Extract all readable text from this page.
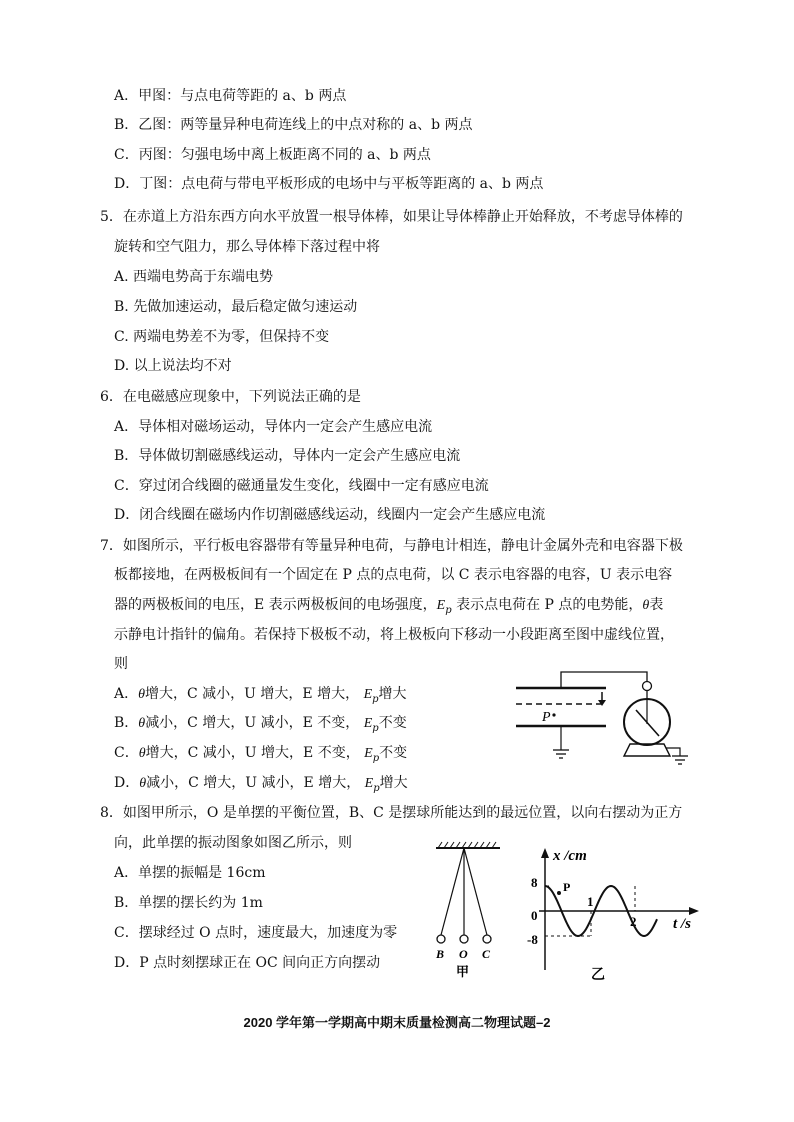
A．甲图：与点电荷等距的 a、b 两点
B．乙图：两等量异种电荷连线上的中点对称的 a、b 两点
C．丙图：匀强电场中离上板距离不同的 a、b 两点
D．丁图：点电荷与带电平板形成的电场中与平板等距离的 a、b 两点
5．在赤道上方沿东西方向水平放置一根导体棒，如果让导体棒静止开始释放，不考虑导体棒的
旋转和空气阻力，那么导体棒下落过程中将
A. 西端电势高于东端电势
B. 先做加速运动，最后稳定做匀速运动
C. 两端电势差不为零，但保持不变
D. 以上说法均不对
6．在电磁感应现象中，下列说法正确的是
A．导体相对磁场运动，导体内一定会产生感应电流
B．导体做切割磁感线运动，导体内一定会产生感应电流
C．穿过闭合线圈的磁通量发生变化，线圈中一定有感应电流
D．闭合线圈在磁场内作切割磁感线运动，线圈内一定会产生感应电流
7．如图所示，平行板电容器带有等量异种电荷，与静电计相连，静电计金属外壳和电容器下极
板都接地，在两极板间有一个固定在 P 点的点电荷，以 C 表示电容器的电容，U 表示电容
器的两极板间的电压，E 表示两极板间的电场强度，$E_p$ 表示点电荷在 P 点的电势能，θ表
示静电计指针的偏角。若保持下极板不动，将上极板向下移动一小段距离至图中虚线位置，
则
A．θ增大，C 减小，U 增大，E 增大， $E_p$增大
B．θ减小，C 增大，U 减小，E 不变， $E_p$不变
C．θ增大，C 减小，U 增大，E 不变， $E_p$不变
D．θ减小，C 增大，U 减小，E 增大， $E_p$增大
P
8．如图甲所示，O 是单摆的平衡位置，B、C 是摆球所能达到的最远位置，以向右摆动为正方
向，此单摆的振动图象如图乙所示，则
A．单摆的振幅是 16cm
B．单摆的摆长约为 1m
C．摆球经过 O 点时，速度最大，加速度为零
D．P 点时刻摆球正在 OC 间向正方向摆动
B O C
甲
x /cm
t /s
8
0
-8
1
2
P
乙
2020 学年第一学期高中期末质量检测高二物理试题–2
